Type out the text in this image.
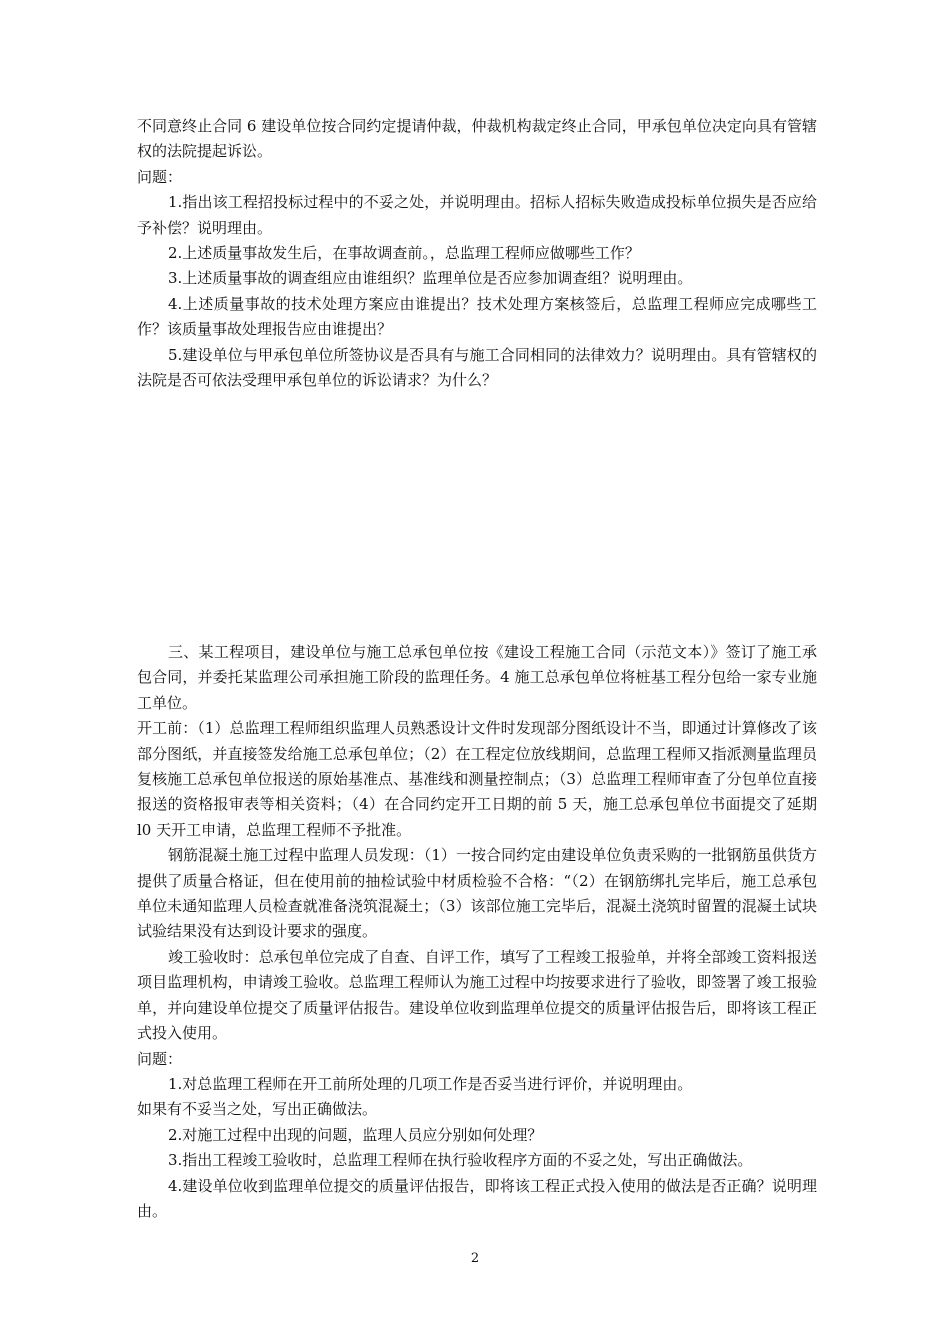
不同意终止合同 6 建设单位按合同约定提请仲裁，仲裁机构裁定终止合同，甲承包单位决定向具有管辖权的法院提起诉讼。

问题：

1.指出该工程招投标过程中的不妥之处，并说明理由。招标人招标失败造成投标单位损失是否应给予补偿？说明理由。

2.上述质量事故发生后，在事故调查前。，总监理工程师应做哪些工作？

3.上述质量事故的调查组应由谁组织？监理单位是否应参加调查组？说明理由。

4.上述质量事故的技术处理方案应由谁提出？技术处理方案核签后，总监理工程师应完成哪些工作？该质量事故处理报告应由谁提出？

5.建设单位与甲承包单位所签协议是否具有与施工合同相同的法律效力？说明理由。具有管辖权的法院是否可依法受理甲承包单位的诉讼请求？为什么？

三、某工程项目，建设单位与施工总承包单位按《建设工程施工合同（示范文本）》签订了施工承包合同，并委托某监理公司承担施工阶段的监理任务。4 施工总承包单位将桩基工程分包给一家专业施工单位。

开工前：（1）总监理工程师组织监理人员熟悉设计文件时发现部分图纸设计不当，即通过计算修改了该部分图纸，并直接签发给施工总承包单位；（2）在工程定位放线期间，总监理工程师又指派测量监理员复核施工总承包单位报送的原始基准点、基准线和测量控制点；（3）总监理工程师审查了分包单位直接报送的资格报审表等相关资料；（4）在合同约定开工日期的前 5 天，施工总承包单位书面提交了延期 l0 天开工申请，总监理工程师不予批准。

钢筋混凝土施工过程中监理人员发现：（1）一按合同约定由建设单位负责采购的一批钢筋虽供货方提供了质量合格证，但在使用前的抽检试验中材质检验不合格：“（2）在钢筋绑扎完毕后，施工总承包单位未通知监理人员检查就准备浇筑混凝土；（3）该部位施工完毕后，混凝土浇筑时留置的混凝土试块试验结果没有达到设计要求的强度。

竣工验收时：总承包单位完成了自查、自评工作，填写了工程竣工报验单，并将全部竣工资料报送项目监理机构，申请竣工验收。总监理工程师认为施工过程中均按要求进行了验收，即签署了竣工报验单，并向建设单位提交了质量评估报告。建设单位收到监理单位提交的质量评估报告后，即将该工程正式投入使用。

问题：

1.对总监理工程师在开工前所处理的几项工作是否妥当进行评价，并说明理由。

如果有不妥当之处，写出正确做法。

2.对施工过程中出现的问题，监理人员应分别如何处理？

3.指出工程竣工验收时，总监理工程师在执行验收程序方面的不妥之处，写出正确做法。

4.建设单位收到监理单位提交的质量评估报告，即将该工程正式投入使用的做法是否正确？说明理由。

2
